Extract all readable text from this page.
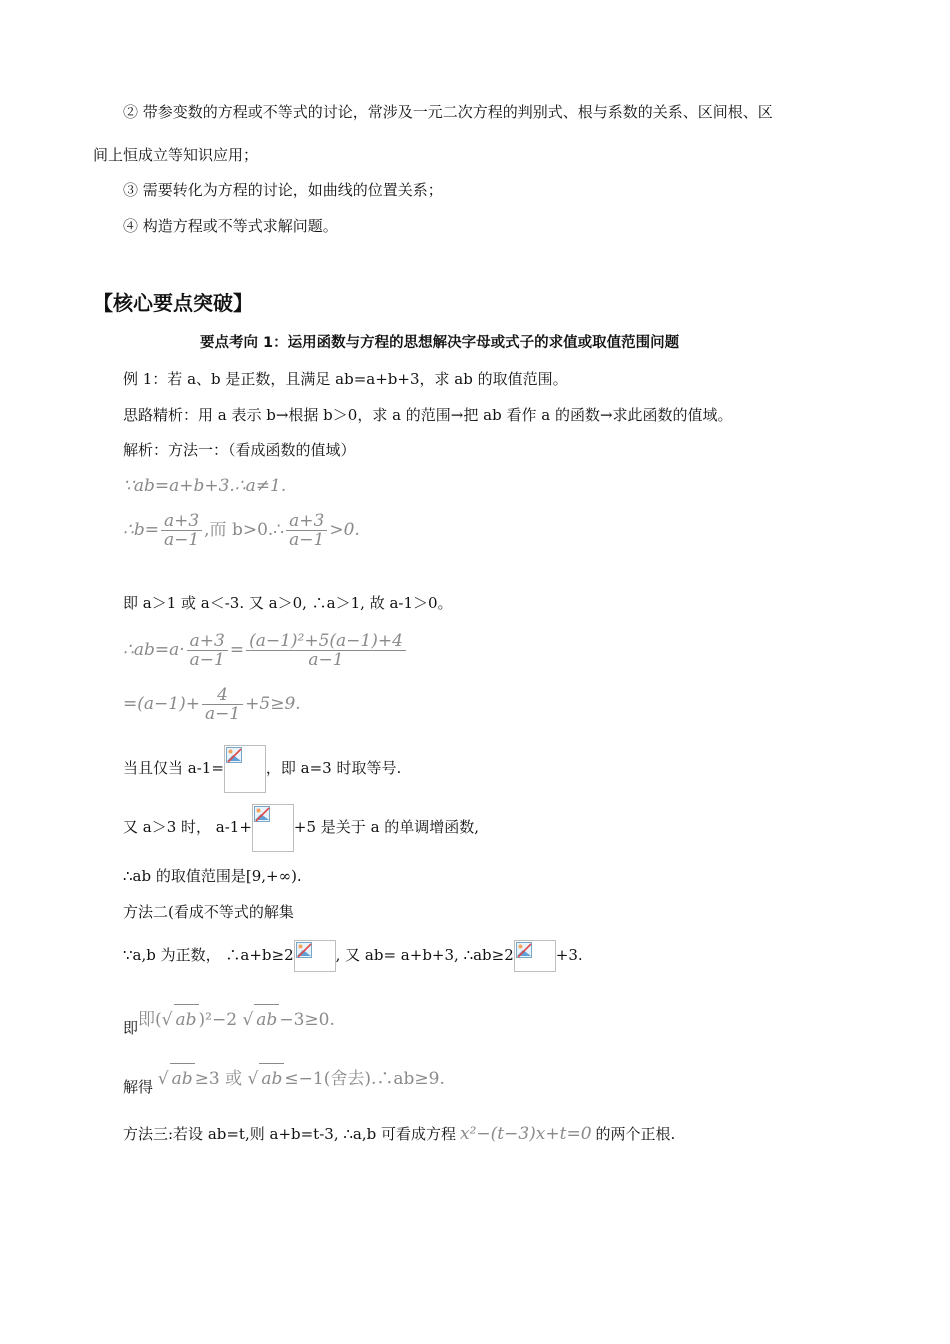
② 带参变数的方程或不等式的讨论，常涉及一元二次方程的判别式、根与系数的关系、区间根、区
间上恒成立等知识应用；
③ 需要转化为方程的讨论，如曲线的位置关系；
④ 构造方程或不等式求解问题。
【核心要点突破】
要点考向 1：运用函数与方程的思想解决字母或式子的求值或取值范围问题
例 1：若 a、b 是正数，且满足 ab=a+b+3，求 ab 的取值范围。
思路精析：用 a 表示 b→根据 b＞0，求 a 的范围→把 ab 看作 a 的函数→求此函数的值域。
解析：方法一：（看成函数的值域）
∵ab=a+b+3.∴a≠1.
∴b= $\frac{a+3}{a-1}$ ,而 b>0.∴ $\frac{a+3}{a-1} >0$.
即 a＞1 或 a＜-3. 又 a＞0, ∴a＞1, 故 a-1＞0。
∴ab=a· $\frac{a+3}{a-1} = \frac{\text{(a−1)²+5(a−1)+4}}{a-1}$
$=(a-1)+ \frac{4}{a-1} +5\ge 9$.
当且仅当 a-1=	，即 a=3 时取等号.
又 a＞3 时， a-1+	+5 是关于 a 的单调增函数,
∴ab 的取值范围是[9,+∞).
方法二(看成不等式的解集
∵a,b 为正数， ∴a+b≥2	, 又 ab= a+b+3, ∴ab≥2	+3.
即即(√ ab )²−2 √ ab −3≥0.
解得 √ ab ≥3 或 √ ab ≤−1(舍去).∴ab≥9.
方法三:若设 ab=t,则 a+b=t-3, ∴a,b 可看成方程 x²−(t−3)x+t=0 的两个正根.
